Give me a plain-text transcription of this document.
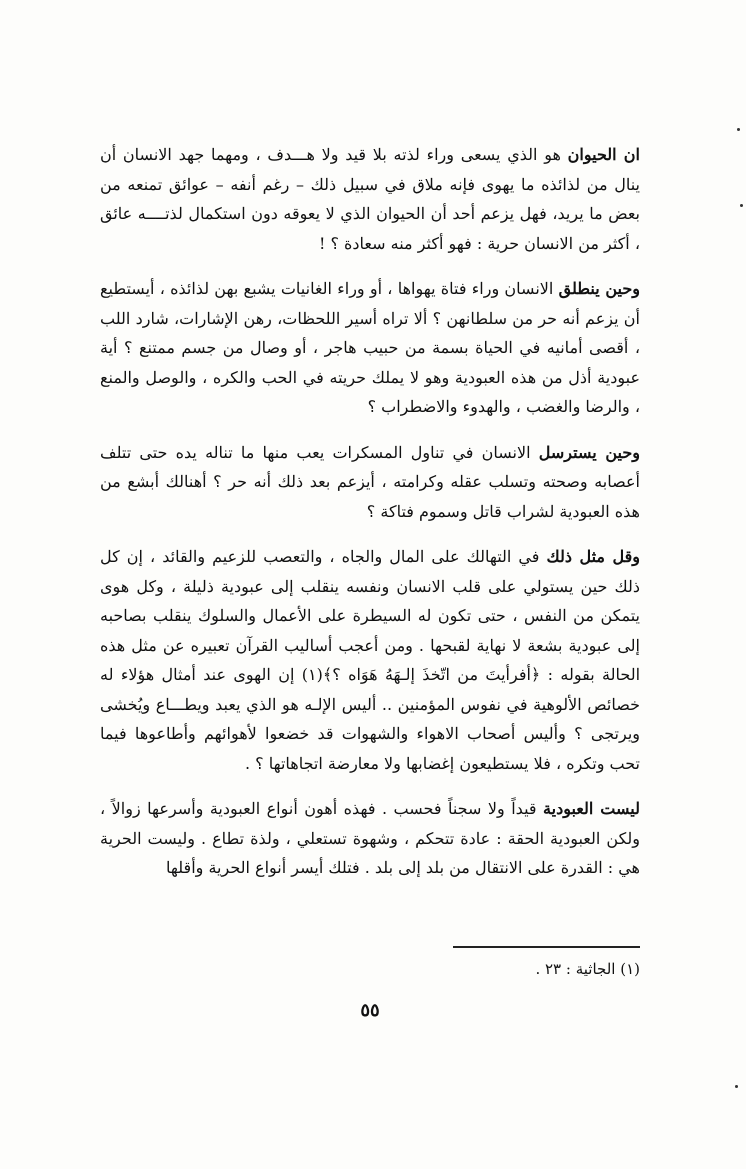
ان الحيوان هو الذي يسعى وراء لذته بلا قيد ولا هـــدف ، ومهما جهد الانسان أن ينال من لذائذه ما يهوى فإنه ملاق في سبيل ذلك – رغم أنفه – عوائق تمنعه من بعض ما يريد، فهل يزعم أحد أن الحيوان الذي لا يعوقه دون استكمال لذتــــه عائق ، أكثر من الانسان حرية : فهو أكثر منه سعادة ؟ !

وحين ينطلق الانسان وراء فتاة يهواها ، أو وراء الغانيات يشبع بهن لذائذه ، أيستطيع أن يزعم أنه حر من سلطانهن ؟ ألا تراه أسير اللحظات، رهن الإشارات، شارد اللب ، أقصى أمانيه في الحياة بسمة من حبيب هاجر ، أو وصال من جسم ممتنع ؟ أية عبودية أذل من هذه العبودية وهو لا يملك حريته في الحب والكره ، والوصل والمنع ، والرضا والغضب ، والهدوء والاضطراب ؟

وحين يسترسل الانسان في تناول المسكرات يعب منها ما تناله يده حتى تتلف أعصابه وصحته وتسلب عقله وكرامته ، أيزعم بعد ذلك أنه حر ؟ أهنالك أبشع من هذه العبودية لشراب قاتل وسموم فتاكة ؟

وقل مثل ذلك في التهالك على المال والجاه ، والتعصب للزعيم والقائد ، إن كل ذلك حين يستولي على قلب الانسان ونفسه ينقلب إلى عبودية ذليلة ، وكل هوى يتمكن من النفس ، حتى تكون له السيطرة على الأعمال والسلوك ينقلب بصاحبه إلى عبودية بشعة لا نهاية لقبحها . ومن أعجب أساليب القرآن تعبيره عن مثل هذه الحالة بقوله : ﴿أفرأيتَ من اتّخذَ إلـهَهُ هَوَاه ؟﴾(١) إن الهوى عند أمثال هؤلاء له خصائص الألوهية في نفوس المؤمنين .. أليس الإلـه هو الذي يعبد ويطـــاع ويُخشى ويرتجى ؟ وأليس أصحاب الاهواء والشهوات قد خضعوا لأهوائهم وأطاعوها فيما تحب وتكره ، فلا يستطيعون إغضابها ولا معارضة اتجاهاتها ؟ .

ليست العبودية قيداً ولا سجناً فحسب . فهذه أهون أنواع العبودية وأسرعها زوالاً ، ولكن العبودية الحقة : عادة تتحكم ، وشهوة تستعلي ، ولذة تطاع . وليست الحرية هي : القدرة على الانتقال من بلد إلى بلد . فتلك أيسر أنواع الحرية وأقلها

(١) الجاثية : ٢٣ .
٥٥
